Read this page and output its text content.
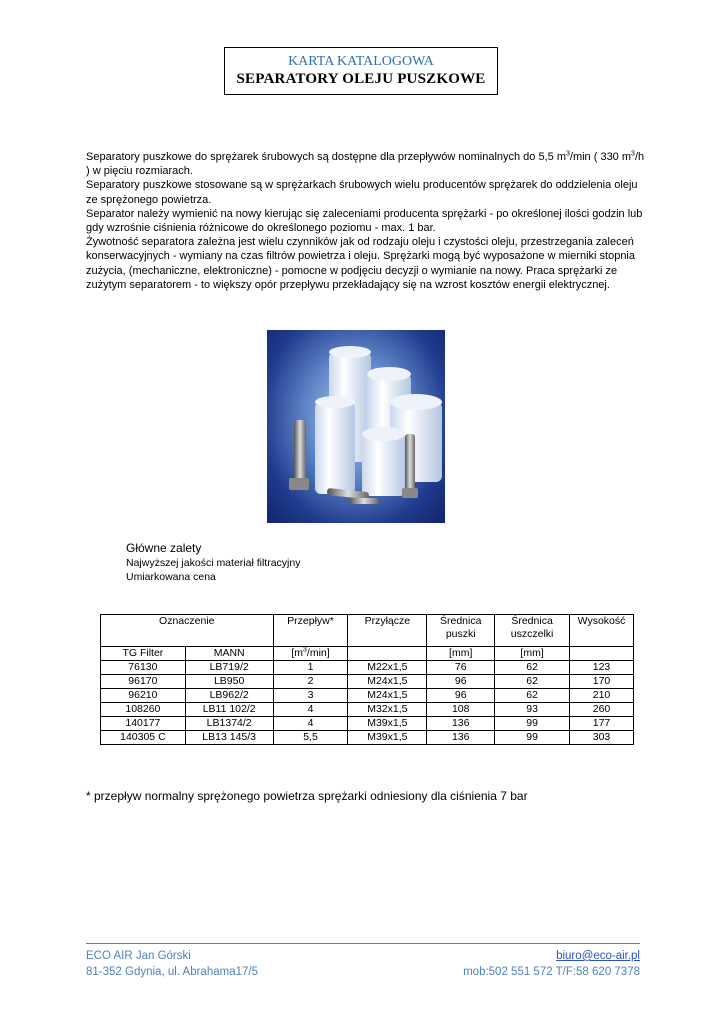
KARTA KATALOGOWA
SEPARATORY OLEJU PUSZKOWE

Separatory puszkowe do sprężarek śrubowych są dostępne dla przepływów nominalnych do 5,5 $m^3/\min$ ( 330 $m^3/h$ ) w pięciu rozmiarach.

Separatory puszkowe stosowane są w sprężarkach śrubowych wielu producentów sprężarek do oddzielenia oleju ze sprężonego powietrza.

Separator należy wymienić na nowy kierując się zaleceniami producenta sprężarki - po określonej ilości godzin lub gdy wzrośnie ciśnienia różnicowe do określonego poziomu - max. 1 bar.

Żywotność separatora zależna jest wielu czynników jak od rodzaju oleju i czystości oleju, przestrzegania zaleceń konserwacyjnych - wymiany na czas filtrów powietrza i oleju. Sprężarki mogą być wyposażone w mierniki stopnia zużycia, (mechaniczne, elektroniczne) - pomocne w podjęciu decyzji o wymianie na nowy. Praca sprężarki ze zużytym separatorem - to większy opór przepływu przekładający się na wzrost kosztów energii elektrycznej.

Główne zalety
Najwyższej jakości materiał filtracyjny
Umiarkowana cena
Oznaczenie		Przepływ*	Przyłącze	Średnica puszki	Średnica uszczelki	Wysokość
TG Filter	MANN	$[m^3/\min]$		[mm]	[mm]	
76130	LB719/2	1	M22x1,5	76	62	123
96170	LB950	2	M24x1,5	96	62	170
96210	LB962/2	3	M24x1,5	96	62	210
108260	LB11 102/2	4	M32x1,5	108	93	260
140177	LB1374/2	4	M39x1,5	136	99	177
140305 C	LB13 145/3	5,5	M39x1,5	136	99	303
* przepływ normalny sprężonego powietrza sprężarki odniesiony dla ciśnienia 7 bar
ECO AIR Jan Górski	biuro@eco-air.pl
81-352 Gdynia, ul. Abrahama17/5	mob:502 551 572 T/F:58 620 7378
